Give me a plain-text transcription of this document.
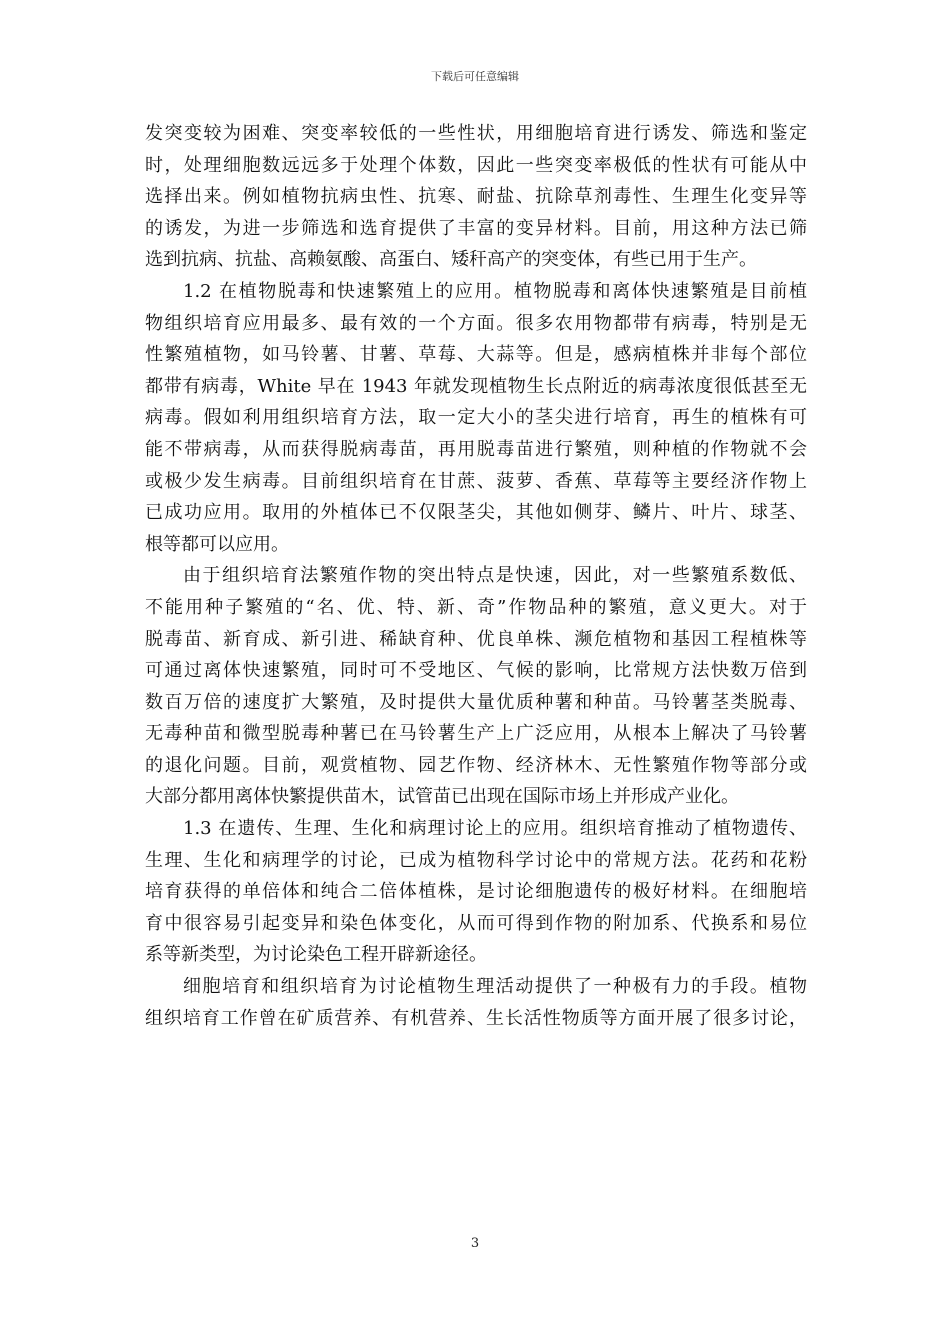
下载后可任意编辑
发突变较为困难、突变率较低的一些性状，用细胞培育进行诱发、筛选和鉴定
时，处理细胞数远远多于处理个体数，因此一些突变率极低的性状有可能从中
选择出来。例如植物抗病虫性、抗寒、耐盐、抗除草剂毒性、生理生化变异等
的诱发，为进一步筛选和选育提供了丰富的变异材料。目前，用这种方法已筛
选到抗病、抗盐、高赖氨酸、高蛋白、矮秆高产的突变体，有些已用于生产。
1.2 在植物脱毒和快速繁殖上的应用。植物脱毒和离体快速繁殖是目前植
物组织培育应用最多、最有效的一个方面。很多农用物都带有病毒，特别是无
性繁殖植物，如马铃薯、甘薯、草莓、大蒜等。但是，感病植株并非每个部位
都带有病毒，White 早在 1943 年就发现植物生长点附近的病毒浓度很低甚至无
病毒。假如利用组织培育方法，取一定大小的茎尖进行培育，再生的植株有可
能不带病毒，从而获得脱病毒苗，再用脱毒苗进行繁殖，则种植的作物就不会
或极少发生病毒。目前组织培育在甘蔗、菠萝、香蕉、草莓等主要经济作物上
已成功应用。取用的外植体已不仅限茎尖，其他如侧芽、鳞片、叶片、球茎、
根等都可以应用。
由于组织培育法繁殖作物的突出特点是快速，因此，对一些繁殖系数低、
不能用种子繁殖的“名、优、特、新、奇”作物品种的繁殖，意义更大。对于
脱毒苗、新育成、新引进、稀缺育种、优良单株、濒危植物和基因工程植株等
可通过离体快速繁殖，同时可不受地区、气候的影响，比常规方法快数万倍到
数百万倍的速度扩大繁殖，及时提供大量优质种薯和种苗。马铃薯茎类脱毒、
无毒种苗和微型脱毒种薯已在马铃薯生产上广泛应用，从根本上解决了马铃薯
的退化问题。目前，观赏植物、园艺作物、经济林木、无性繁殖作物等部分或
大部分都用离体快繁提供苗木，试管苗已出现在国际市场上并形成产业化。
1.3 在遗传、生理、生化和病理讨论上的应用。组织培育推动了植物遗传、
生理、生化和病理学的讨论，已成为植物科学讨论中的常规方法。花药和花粉
培育获得的单倍体和纯合二倍体植株，是讨论细胞遗传的极好材料。在细胞培
育中很容易引起变异和染色体变化，从而可得到作物的附加系、代换系和易位
系等新类型，为讨论染色工程开辟新途径。
细胞培育和组织培育为讨论植物生理活动提供了一种极有力的手段。植物
组织培育工作曾在矿质营养、有机营养、生长活性物质等方面开展了很多讨论，
3
